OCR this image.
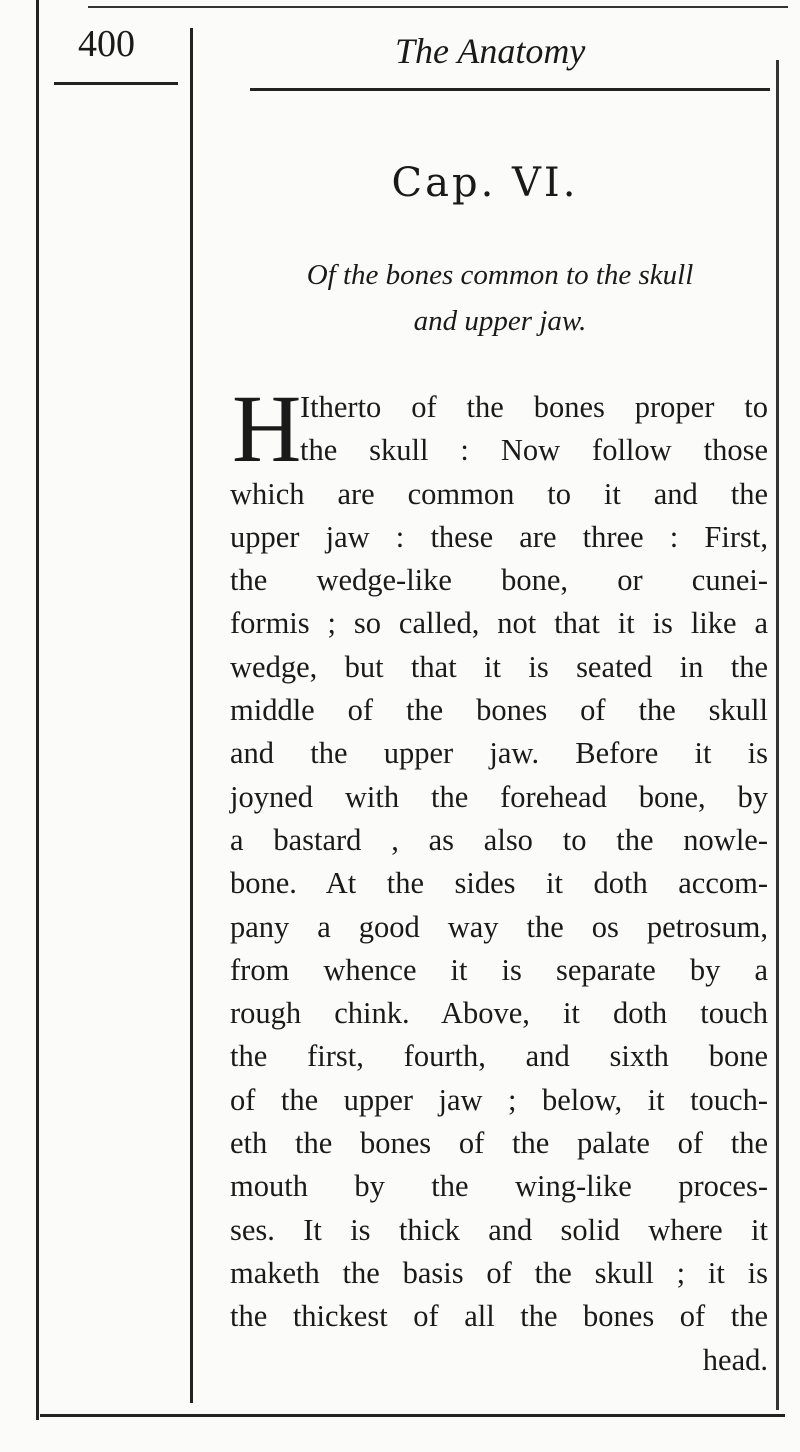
400	The Anatomy
Cap. VI.
Of the bones common to the skull
and upper jaw.
H
Itherto of the bones proper to
the skull : Now follow those
which are common to it and the
upper jaw : these are three : First,
the wedge-like bone, or cunei-
formis ; so called, not that it is like a
wedge, but that it is seated in the
middle of the bones of the skull
and the upper jaw. Before it is
joyned with the forehead bone, by
a bastard , as also to the nowle-
bone. At the sides it doth accom-
pany a good way the os petrosum,
from whence it is separate by a
rough chink. Above, it doth touch
the first, fourth, and sixth bone
of the upper jaw ; below, it touch-
eth the bones of the palate of the
mouth by the wing-like proces-
ses. It is thick and solid where it
maketh the basis of the skull ; it is
the thickest of all the bones of the
head.
